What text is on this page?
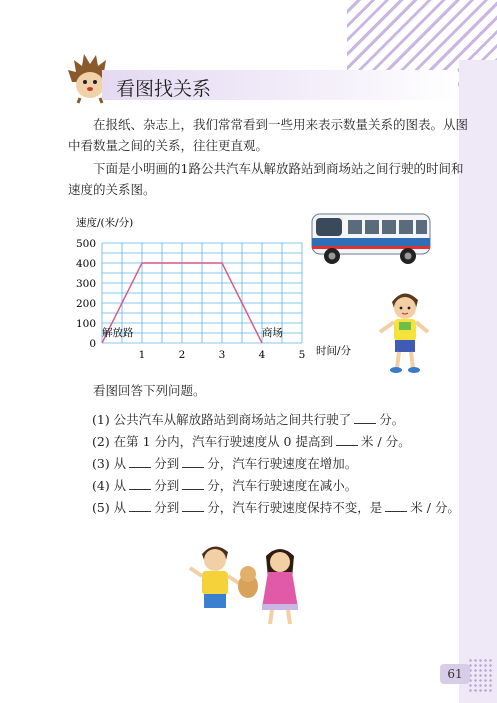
看图找关系
在报纸、杂志上，我们常常看到一些用来表示数量关系的图表。从图中看数量之间的关系，往往更直观。
下面是小明画的1路公共汽车从解放路站到商场站之间行驶的时间和速度的关系图。
速度/(米/分)
0
100
200
300
400
500
1	2	3	4	5
解放路	商场
时间/分
看图回答下列问题。
(1) 公共汽车从解放路站到商场站之间共行驶了 分。
(2) 在第 1 分内，汽车行驶速度从 0 提高到 米 / 分。
(3) 从 分到 分，汽车行驶速度在增加。
(4) 从 分到 分，汽车行驶速度在减小。
(5) 从 分到 分，汽车行驶速度保持不变，是 米 / 分。
61
